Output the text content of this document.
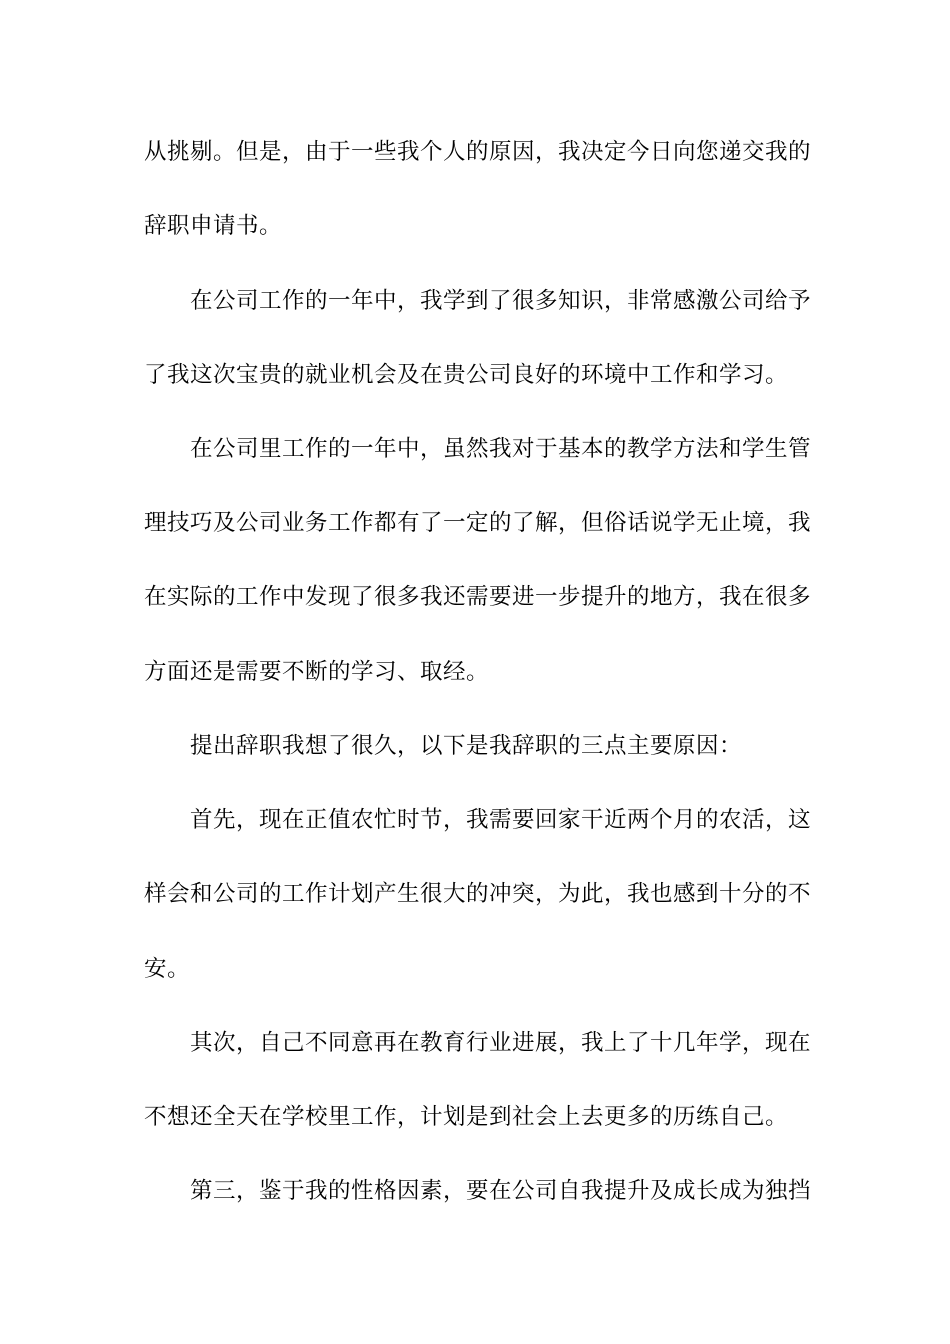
从挑剔。但是，由于一些我个人的原因，我决定今日向您递交我的
辞职申请书。
在公司工作的一年中，我学到了很多知识，非常感激公司给予
了我这次宝贵的就业机会及在贵公司良好的环境中工作和学习。
在公司里工作的一年中，虽然我对于基本的教学方法和学生管
理技巧及公司业务工作都有了一定的了解，但俗话说学无止境，我
在实际的工作中发现了很多我还需要进一步提升的地方，我在很多
方面还是需要不断的学习、取经。
提出辞职我想了很久，以下是我辞职的三点主要原因：
首先，现在正值农忙时节，我需要回家干近两个月的农活，这
样会和公司的工作计划产生很大的冲突，为此，我也感到十分的不
安。
其次，自己不同意再在教育行业进展，我上了十几年学，现在
不想还全天在学校里工作，计划是到社会上去更多的历练自己。
第三，鉴于我的性格因素，要在公司自我提升及成长成为独挡
